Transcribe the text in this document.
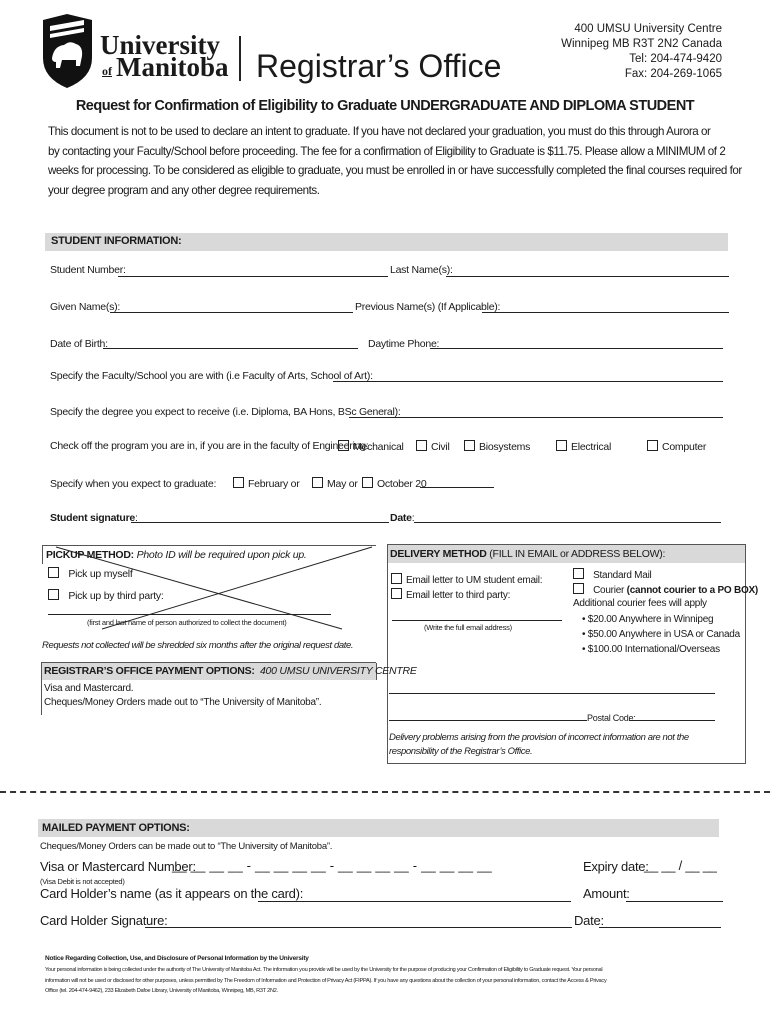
University
of Manitoba Registrar’s Office
400 UMSU University Centre
Winnipeg MB R3T 2N2 Canada
Tel: 204-474-9420
Fax: 204-269-1065
Request for Confirmation of Eligibility to Graduate UNDERGRADUATE AND DIPLOMA STUDENT
This document is not to be used to declare an intent to graduate. If you have not declared your graduation, you must do this through Aurora or
by contacting your Faculty/School before proceeding. The fee for a confirmation of Eligibility to Graduate is $11.75. Please allow a MINIMUM of 2
weeks for processing. To be considered as eligible to graduate, you must be enrolled in or have successfully completed the final courses required for
your degree program and any other degree requirements.
STUDENT INFORMATION:
Student Number:	Last Name(s):
Given Name(s):	Previous Name(s) (If Applicable):
Date of Birth:	Daytime Phone:
Specify the Faculty/School you are with (i.e Faculty of Arts, School of Art):
Specify the degree you expect to receive (i.e. Diploma, BA Hons, BSc General):
Check off the program you are in, if you are in the faculty of Engineering:
Mechanical	Civil	Biosystems	Electrical	Computer
Specify when you expect to graduate:	February or	May or	October 20
Student signature:	Date:
PICKUP METHOD: Photo ID will be required upon pick up.
Pick up myself
Pick up by third party:
(first and last name of person authorized to collect the document)
Requests not collected will be shredded six months after the original request date.
DELIVERY METHOD (FILL IN EMAIL or ADDRESS BELOW):
Email letter to UM student email:
Email letter to third party:
(Write the full email address)
Standard Mail
Courier (cannot courier to a PO BOX)
Additional courier fees will apply
• $20.00 Anywhere in Winnipeg
• $50.00 Anywhere in USA or Canada
• $100.00 International/Overseas
Postal Code:
Delivery problems arising from the provision of incorrect information are not the
responsibility of the Registrar’s Office.
REGISTRAR’S OFFICE PAYMENT OPTIONS: 400 UMSU UNIVERSITY CENTRE
Visa and Mastercard.
Cheques/Money Orders made out to “The University of Manitoba”.
MAILED PAYMENT OPTIONS:
Cheques/Money Orders can be made out to “The University of Manitoba”.
Visa or Mastercard Number:
__ __ __ __ - __ __ __ __ - __ __ __ __ - __ __ __ __
(Visa Debit is not accepted)
Expiry date:
__ __ / __ __
Card Holder’s name (as it appears on the card):	Amount:
Card Holder Signature:	Date:
Notice Regarding Collection, Use, and Disclosure of Personal Information by the University
Your personal information is being collected under the authority of The University of Manitoba Act. The information you provide will be used by the University for the purpose of producing your Confirmation of Eligibility to Graduate request. Your personal
information will not be used or disclosed for other purposes, unless permitted by The Freedom of Information and Protection of Privacy Act (FIPPA). If you have any questions about the collection of your personal information, contact the Access & Privacy
Office (tel. 204-474-9462), 233 Elizabeth Dafoe Library, University of Manitoba, Winnipeg, MB, R3T 2N2.
